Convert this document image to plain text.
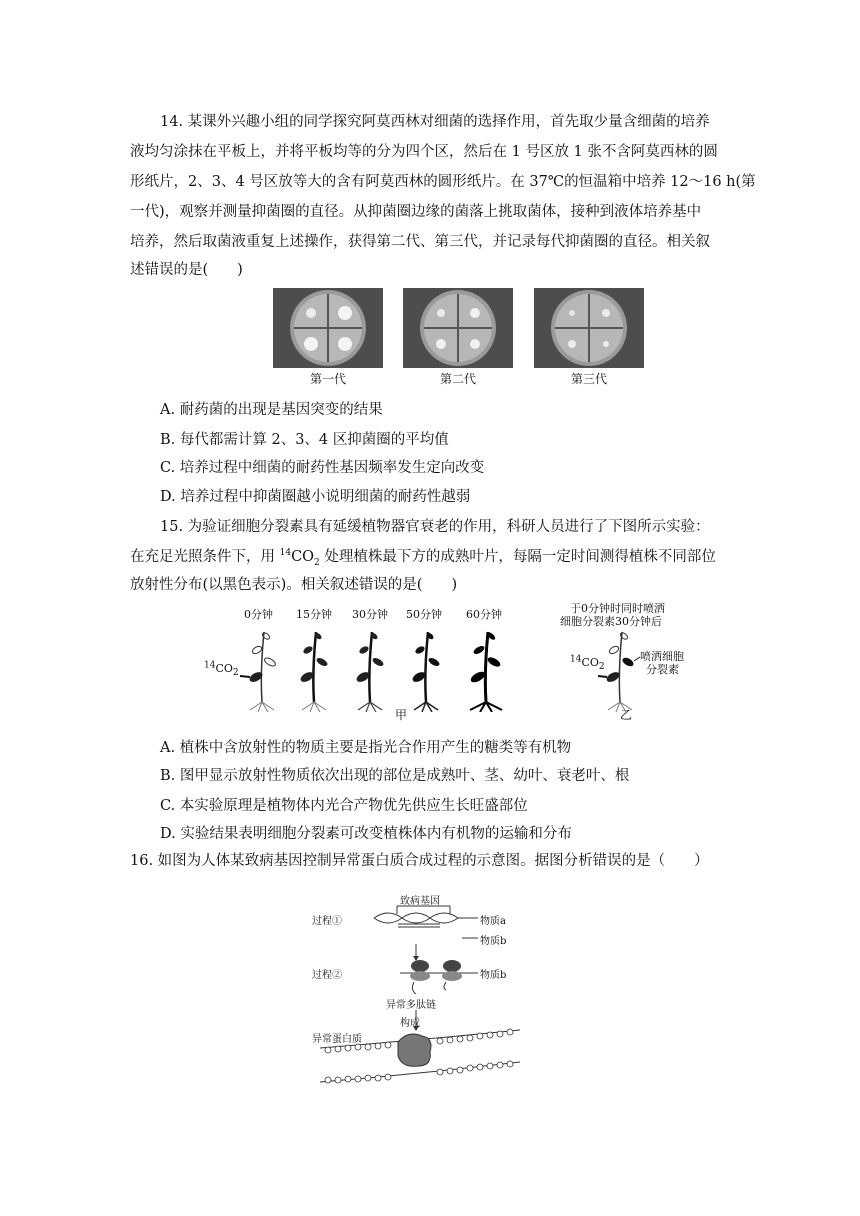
14. 某课外兴趣小组的同学探究阿莫西林对细菌的选择作用，首先取少量含细菌的培养
液均匀涂抹在平板上，并将平板均等的分为四个区，然后在 1 号区放 1 张不含阿莫西林的圆
形纸片，2、3、4 号区放等大的含有阿莫西林的圆形纸片。在 37℃的恒温箱中培养 12～16 h(第
一代)，观察并测量抑菌圈的直径。从抑菌圈边缘的菌落上挑取菌体，接种到液体培养基中
培养，然后取菌液重复上述操作，获得第二代、第三代，并记录每代抑菌圈的直径。相关叙
述错误的是(　　)
第一代	第二代	第三代
A. 耐药菌的出现是基因突变的结果
B. 每代都需计算 2、3、4 区抑菌圈的平均值
C. 培养过程中细菌的耐药性基因频率发生定向改变
D. 培养过程中抑菌圈越小说明细菌的耐药性越弱
15. 为验证细胞分裂素具有延缓植物器官衰老的作用，科研人员进行了下图所示实验：
在充足光照条件下，用 $^{14}CO_2$ 处理植株最下方的成熟叶片，每隔一定时间测得植株不同部位
放射性分布(以黑色表示)。相关叙述错误的是(　　)
0分钟 15分钟 30分钟 50分钟 60分钟
$^{14}CO_2$
甲
于0分钟时同时喷洒
细胞分裂素30分钟后
喷洒细胞
分裂素
$^{14}CO_2$
乙
A. 植株中含放射性的物质主要是指光合作用产生的糖类等有机物
B. 图甲显示放射性物质依次出现的部位是成熟叶、茎、幼叶、衰老叶、根
C. 本实验原理是植物体内光合产物优先供应生长旺盛部位
D. 实验结果表明细胞分裂素可改变植株体内有机物的运输和分布
16. 如图为人体某致病基因控制异常蛋白质合成过程的示意图。据图分析错误的是（　　）
致病基因
过程①	物质a
物质b
过程②	物质b
异常多肽链
构成
异常蛋白质
